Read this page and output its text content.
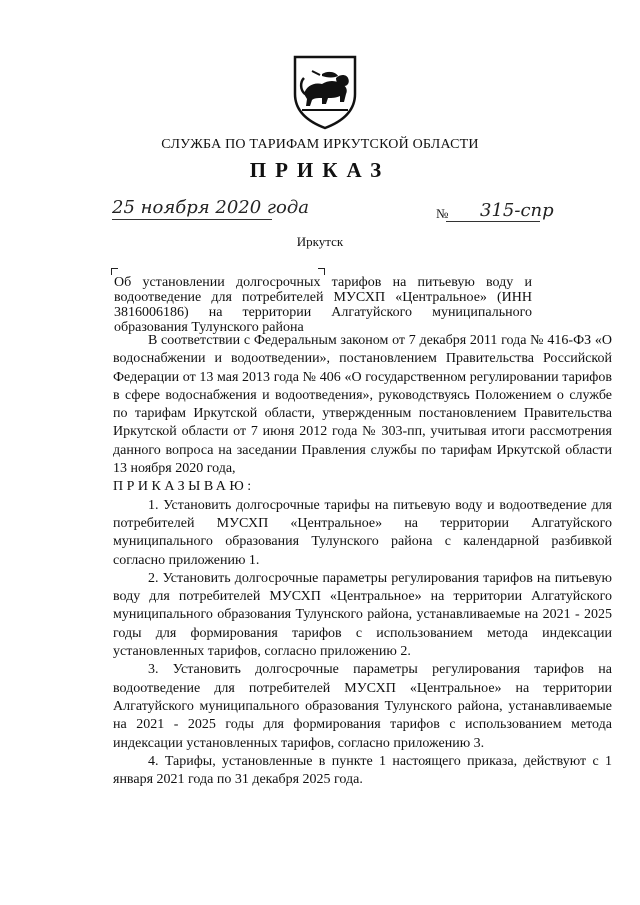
СЛУЖБА ПО ТАРИФАМ ИРКУТСКОЙ ОБЛАСТИ
ПРИКАЗ
25 ноября 2020 года	№ 315-спр
Иркутск
Об установлении долгосрочных тарифов на питьевую воду и водоотведение для потребителей МУСХП «Центральное» (ИНН 3816006186) на территории Алгатуйского муниципального образования Тулунского района

В соответствии с Федеральным законом от 7 декабря 2011 года № 416-ФЗ «О водоснабжении и водоотведении», постановлением Правительства Российской Федерации от 13 мая 2013 года № 406 «О государственном регулировании тарифов в сфере водоснабжения и водоотведения», руководствуясь Положением о службе по тарифам Иркутской области, утвержденным постановлением Правительства Иркутской области от 7 июня 2012 года № 303-пп, учитывая итоги рассмотрения данного вопроса на заседании Правления службы по тарифам Иркутской области 13 ноября 2020 года,

ПРИКАЗЫВАЮ:

1. Установить долгосрочные тарифы на питьевую воду и водоотведение для потребителей МУСХП «Центральное» на территории Алгатуйского муниципального образования Тулунского района с календарной разбивкой согласно приложению 1.

2. Установить долгосрочные параметры регулирования тарифов на питьевую воду для потребителей МУСХП «Центральное» на территории Алгатуйского муниципального образования Тулунского района, устанавливаемые на 2021 - 2025 годы для формирования тарифов с использованием метода индексации установленных тарифов, согласно приложению 2.

3. Установить долгосрочные параметры регулирования тарифов на водоотведение для потребителей МУСХП «Центральное» на территории Алгатуйского муниципального образования Тулунского района, устанавливаемые на 2021 - 2025 годы для формирования тарифов с использованием метода индексации установленных тарифов, согласно приложению 3.

4. Тарифы, установленные в пункте 1 настоящего приказа, действуют с 1 января 2021 года по 31 декабря 2025 года.
